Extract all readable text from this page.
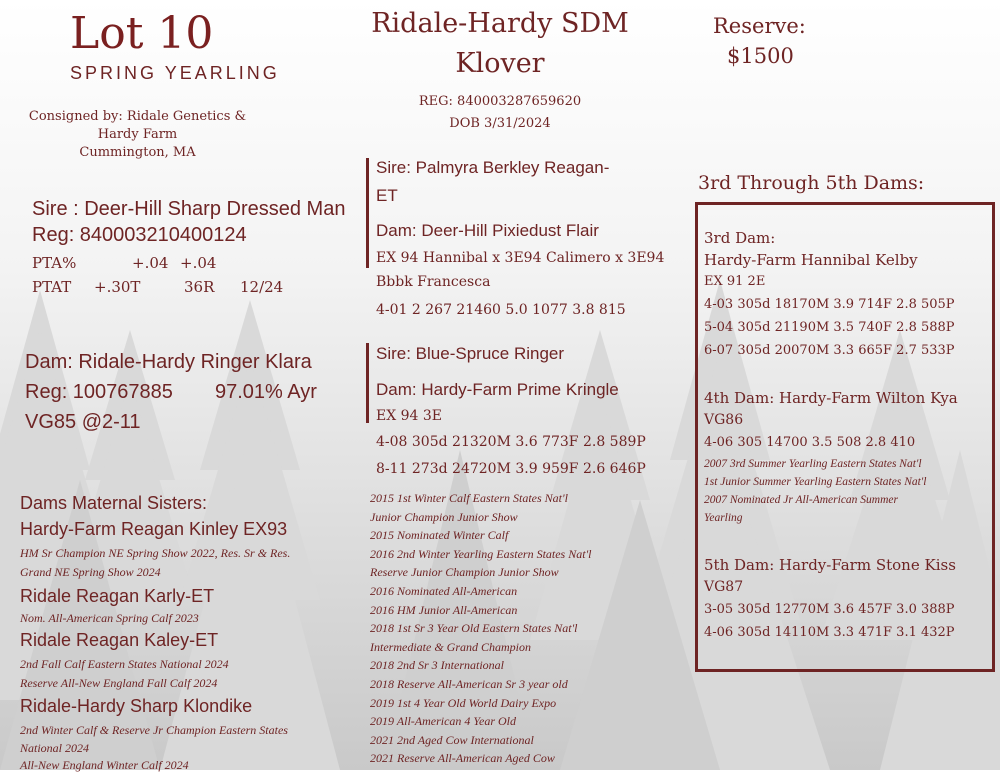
Lot 10
SPRING YEARLING
Consigned by: Ridale Genetics &
Hardy Farm
Cummington, MA
Sire : Deer-Hill Sharp Dressed Man
Reg: 840003210400124
PTA%	+.04 +.04
PTAT +.30T	36R 12/24
Dam: Ridale-Hardy Ringer Klara
Reg: 100767885 97.01% Ayr
VG85 @2-11
Dams Maternal Sisters:
Hardy-Farm Reagan Kinley EX93
HM Sr Champion NE Spring Show 2022, Res. Sr & Res.
Grand NE Spring Show 2024
Ridale Reagan Karly-ET
Nom. All-American Spring Calf 2023
Ridale Reagan Kaley-ET
2nd Fall Calf Eastern States National 2024
Reserve All-New England Fall Calf 2024
Ridale-Hardy Sharp Klondike
2nd Winter Calf & Reserve Jr Champion Eastern States
National 2024
All-New England Winter Calf 2024
Ridale-Hardy SDM
Klover
REG: 840003287659620
DOB 3/31/2024
Reserve:
$1500
Sire: Palmyra Berkley Reagan-
ET
Dam: Deer-Hill Pixiedust Flair
EX 94 Hannibal x 3E94 Calimero x 3E94
Bbbk Francesca
4-01 2 267 21460 5.0 1077 3.8 815
Sire: Blue-Spruce Ringer
Dam: Hardy-Farm Prime Kringle
EX 94 3E
4-08 305d 21320M 3.6 773F 2.8 589P
8-11 273d 24720M 3.9 959F 2.6 646P
2015 1st Winter Calf Eastern States Nat'l
Junior Champion Junior Show
2015 Nominated Winter Calf
2016 2nd Winter Yearling Eastern States Nat'l
Reserve Junior Champion Junior Show
2016 Nominated All-American
2016 HM Junior All-American
2018 1st Sr 3 Year Old Eastern States Nat'l
Intermediate & Grand Champion
2018 2nd Sr 3 International
2018 Reserve All-American Sr 3 year old
2019 1st 4 Year Old World Dairy Expo
2019 All-American 4 Year Old
2021 2nd Aged Cow International
2021 Reserve All-American Aged Cow
3rd Through 5th Dams:
3rd Dam:
Hardy-Farm Hannibal Kelby
EX 91 2E
4-03 305d 18170M 3.9 714F 2.8 505P
5-04 305d 21190M 3.5 740F 2.8 588P
6-07 305d 20070M 3.3 665F 2.7 533P
4th Dam: Hardy-Farm Wilton Kya
VG86
4-06 305 14700 3.5 508 2.8 410
2007 3rd Summer Yearling Eastern States Nat'l
1st Junior Summer Yearling Eastern States Nat'l
2007 Nominated Jr All-American Summer
Yearling
5th Dam: Hardy-Farm Stone Kiss
VG87
3-05 305d 12770M 3.6 457F 3.0 388P
4-06 305d 14110M 3.3 471F 3.1 432P
